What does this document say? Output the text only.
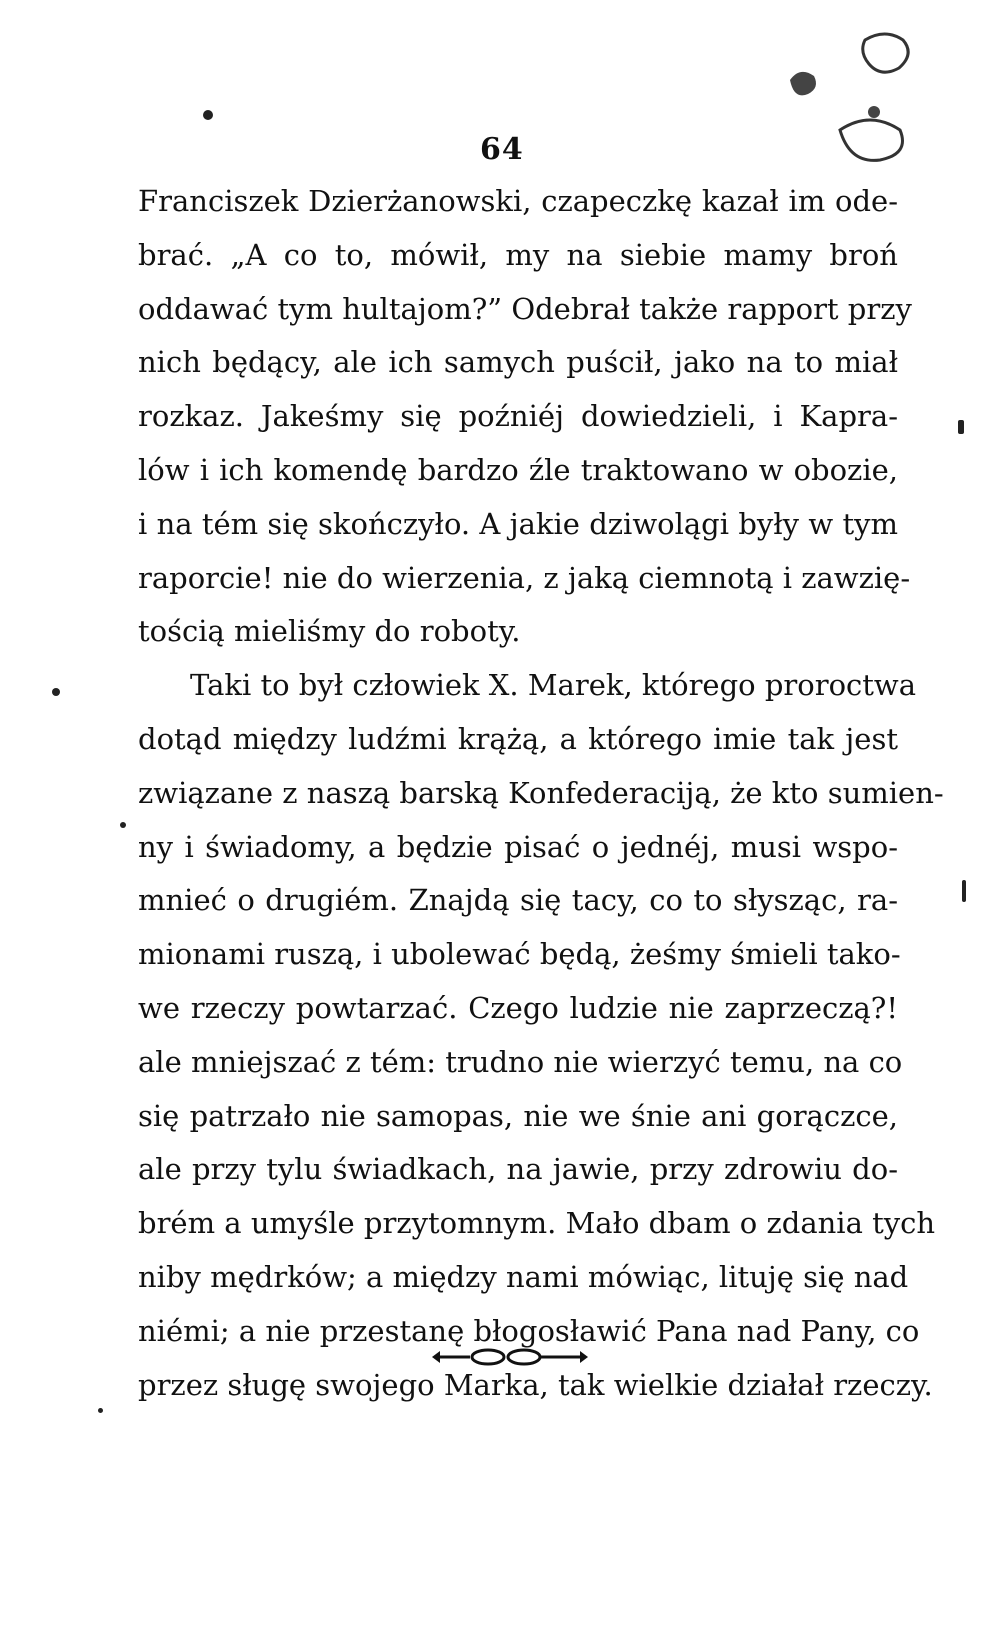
64
Franciszek Dzierżanowski, czapeczkę kazał im ode-
brać. „A co to, mówił, my na siebie mamy broń
oddawać tym hultajom?” Odebrał także rapport przy
nich będący, ale ich samych puścił, jako na to miał
rozkaz. Jakeśmy się poźniéj dowiedzieli, i Kapra-
lów i ich komendę bardzo źle traktowano w obozie,
i na tém się skończyło. A jakie dziwolągi były w tym
raporcie! nie do wierzenia, z jaką ciemnotą i zawzię-
tością mieliśmy do roboty.
Taki to był człowiek X. Marek, którego proroctwa
dotąd między ludźmi krążą, a którego imie tak jest
związane z naszą barską Konfederaciją, że kto sumien-
ny i świadomy, a będzie pisać o jednéj, musi wspo-
mnieć o drugiém. Znajdą się tacy, co to słysząc, ra-
mionami ruszą, i ubolewać będą, żeśmy śmieli tako-
we rzeczy powtarzać. Czego ludzie nie zaprzeczą?!
ale mniejszać z tém: trudno nie wierzyć temu, na co
się patrzało nie samopas, nie we śnie ani gorączce,
ale przy tylu świadkach, na jawie, przy zdrowiu do-
brém a umyśle przytomnym. Mało dbam o zdania tych
niby mędrków; a między nami mówiąc, lituję się nad
niémi; a nie przestanę błogosławić Pana nad Pany, co
przez sługę swojego Marka, tak wielkie działał rzeczy.
